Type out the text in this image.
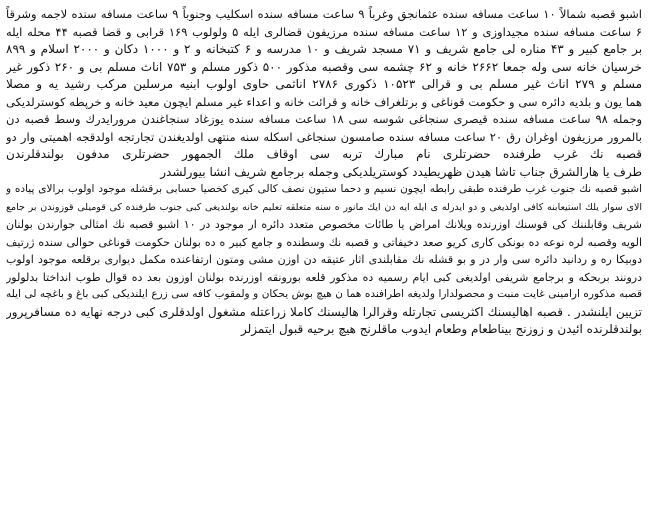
اشبو قصبه شمالاً ۱۰ ساعت مسافه سنده عثمانجق وغرباً ۹ ساعت مسافه سنده اسكليب وجنوباً ۹ ساعت مسافه سنده لاجمه وشرقاً
۶ ساعت مسافه سنده مجيداوزى و ۱۲ ساعت مسافه سنده مرزيفون قضالرى ايله ۵ ولولوب ۱۶۹ قرابى و قضا قصبه ۴۴ محله ايله
بر جامع كبير و ۴۳ مناره لى جامع شريف و ۷۱ مسجد شريف و ۱۰ مدرسه و ۶ كتبخانه و ۲ و ۱۰۰۰ دكان و ۲۰۰۰ اسلام و ۸۹۹
خرسيان خانه سى وله جمعا ۲۶۶۲ خانه و ۶۲ چشمه سى وقصبه مذكور ۵۰۰ ذكور مسلم و ۷۵۳ اناث مسلم بى و ۲۶۰ ذكور غير
مسلم و ۲۷۹ اناث غير مسلم بى و قرالى ۱۰۵۲۳ ذكورى ۲۷۸۶ اناثمى حاوى اولوب ابنيه مرسلين مركب رشيد يه و مصلا
هما يون و بلديه دائره سى و حكومت قوناغى و برتلغراف خانه و قرائت خانه و اعداء غير مسلم ايچون معيد خانه و خرپطه كوسترلديكى
وجمله ۹۸ ساعت مسافه سنده قيصرى سنجاغى شوسه سى ۱۸ ساعت مسافه سنده يوزغاد سنجاغندن مرورايدرك وسط قصبه دن
بالمرور مرزيفون اوغران رق ۲۰ ساعت مسافه سنده صامسون سنجاغى اسكله سنه منتهى اولديغندن تجارتجه اولدقجه اهميتى وار دو
قصبه نك غرب طرفنده حضرتلرى نام مبارك تربه سى اوقاف ملك الجمهور حضرتلرى مدفون بولندقلرندن
طرف يا هارالشرق جناب تاشا هيدن ظهريطيدد كوستريلديكى وجمله برجامع شريف انشا بيورلشدر
اشبو قصبه نك جنوب غرب طرفنده طبقى رابطه ايچون نسيم و دحما ستيون نصف كالى كيرى كخصيا حسابى برقشله موجود اولوب برالاى پياده و
الاى سوار يلك استيعابنه كافى اولديغى و دو ايدرله ى ايله ايه دن ايك مانور ه سنه متعلقه تعليم خانه بولنديغى كبى جنوب طرفنده كى قوميلى قوزوندن بر جامع
شريف وقابلننك كى قوسنك اوزرنده ويلانك امراض يا طائات مخصوص متعدد دائره ار موجود در ۱۰ اشبو قصبه نك امثالى جوارندن بولنان
الويه وقصبه لره نوعه ده بونكى كارى كريو صعد دخيفاتى و قصبه نك وسطنده و جامع كبير ه ده بولنان حكومت قوناغى حوالى سنده ژرتيف
دوبيكا ره و ردانيد دائره سى وار در و بو قشله نك مقابلندى اثار عتيقه دن اوزن مشى ومتون ارتفاعنده مكمل ديوارى برقلعه موجود اولوب
درونند بربحكه و برجامع شريفى اولديغى كبى ايام رسميه ده مذكور قلعه بورونقه اوزرنده بولنان اوزون بعد ده قوال طوب انداختا بدلولور
قصبه مذكوره ارامينى غايت منبت و محصولدارا ولديغه اطرافنده هما ن هيچ بوش يحكان و ولمقوب كافه سى زرع ايلنديكى كبى باغ و باغچه لى ايله
تزيين ايلنشدر . قصبه اهاليسنك اكثريسى تجارتله وقرالرا هاليسنك كاملا زراعتله مشغول اولدقلرى كبى درجه نهايه ده مسافرپرور
بولندقلرنده ائيدن و زوزنج بيناطعام وطعام ايدوب ماقلرنج هيچ برحيه قبول ايتمزلر
